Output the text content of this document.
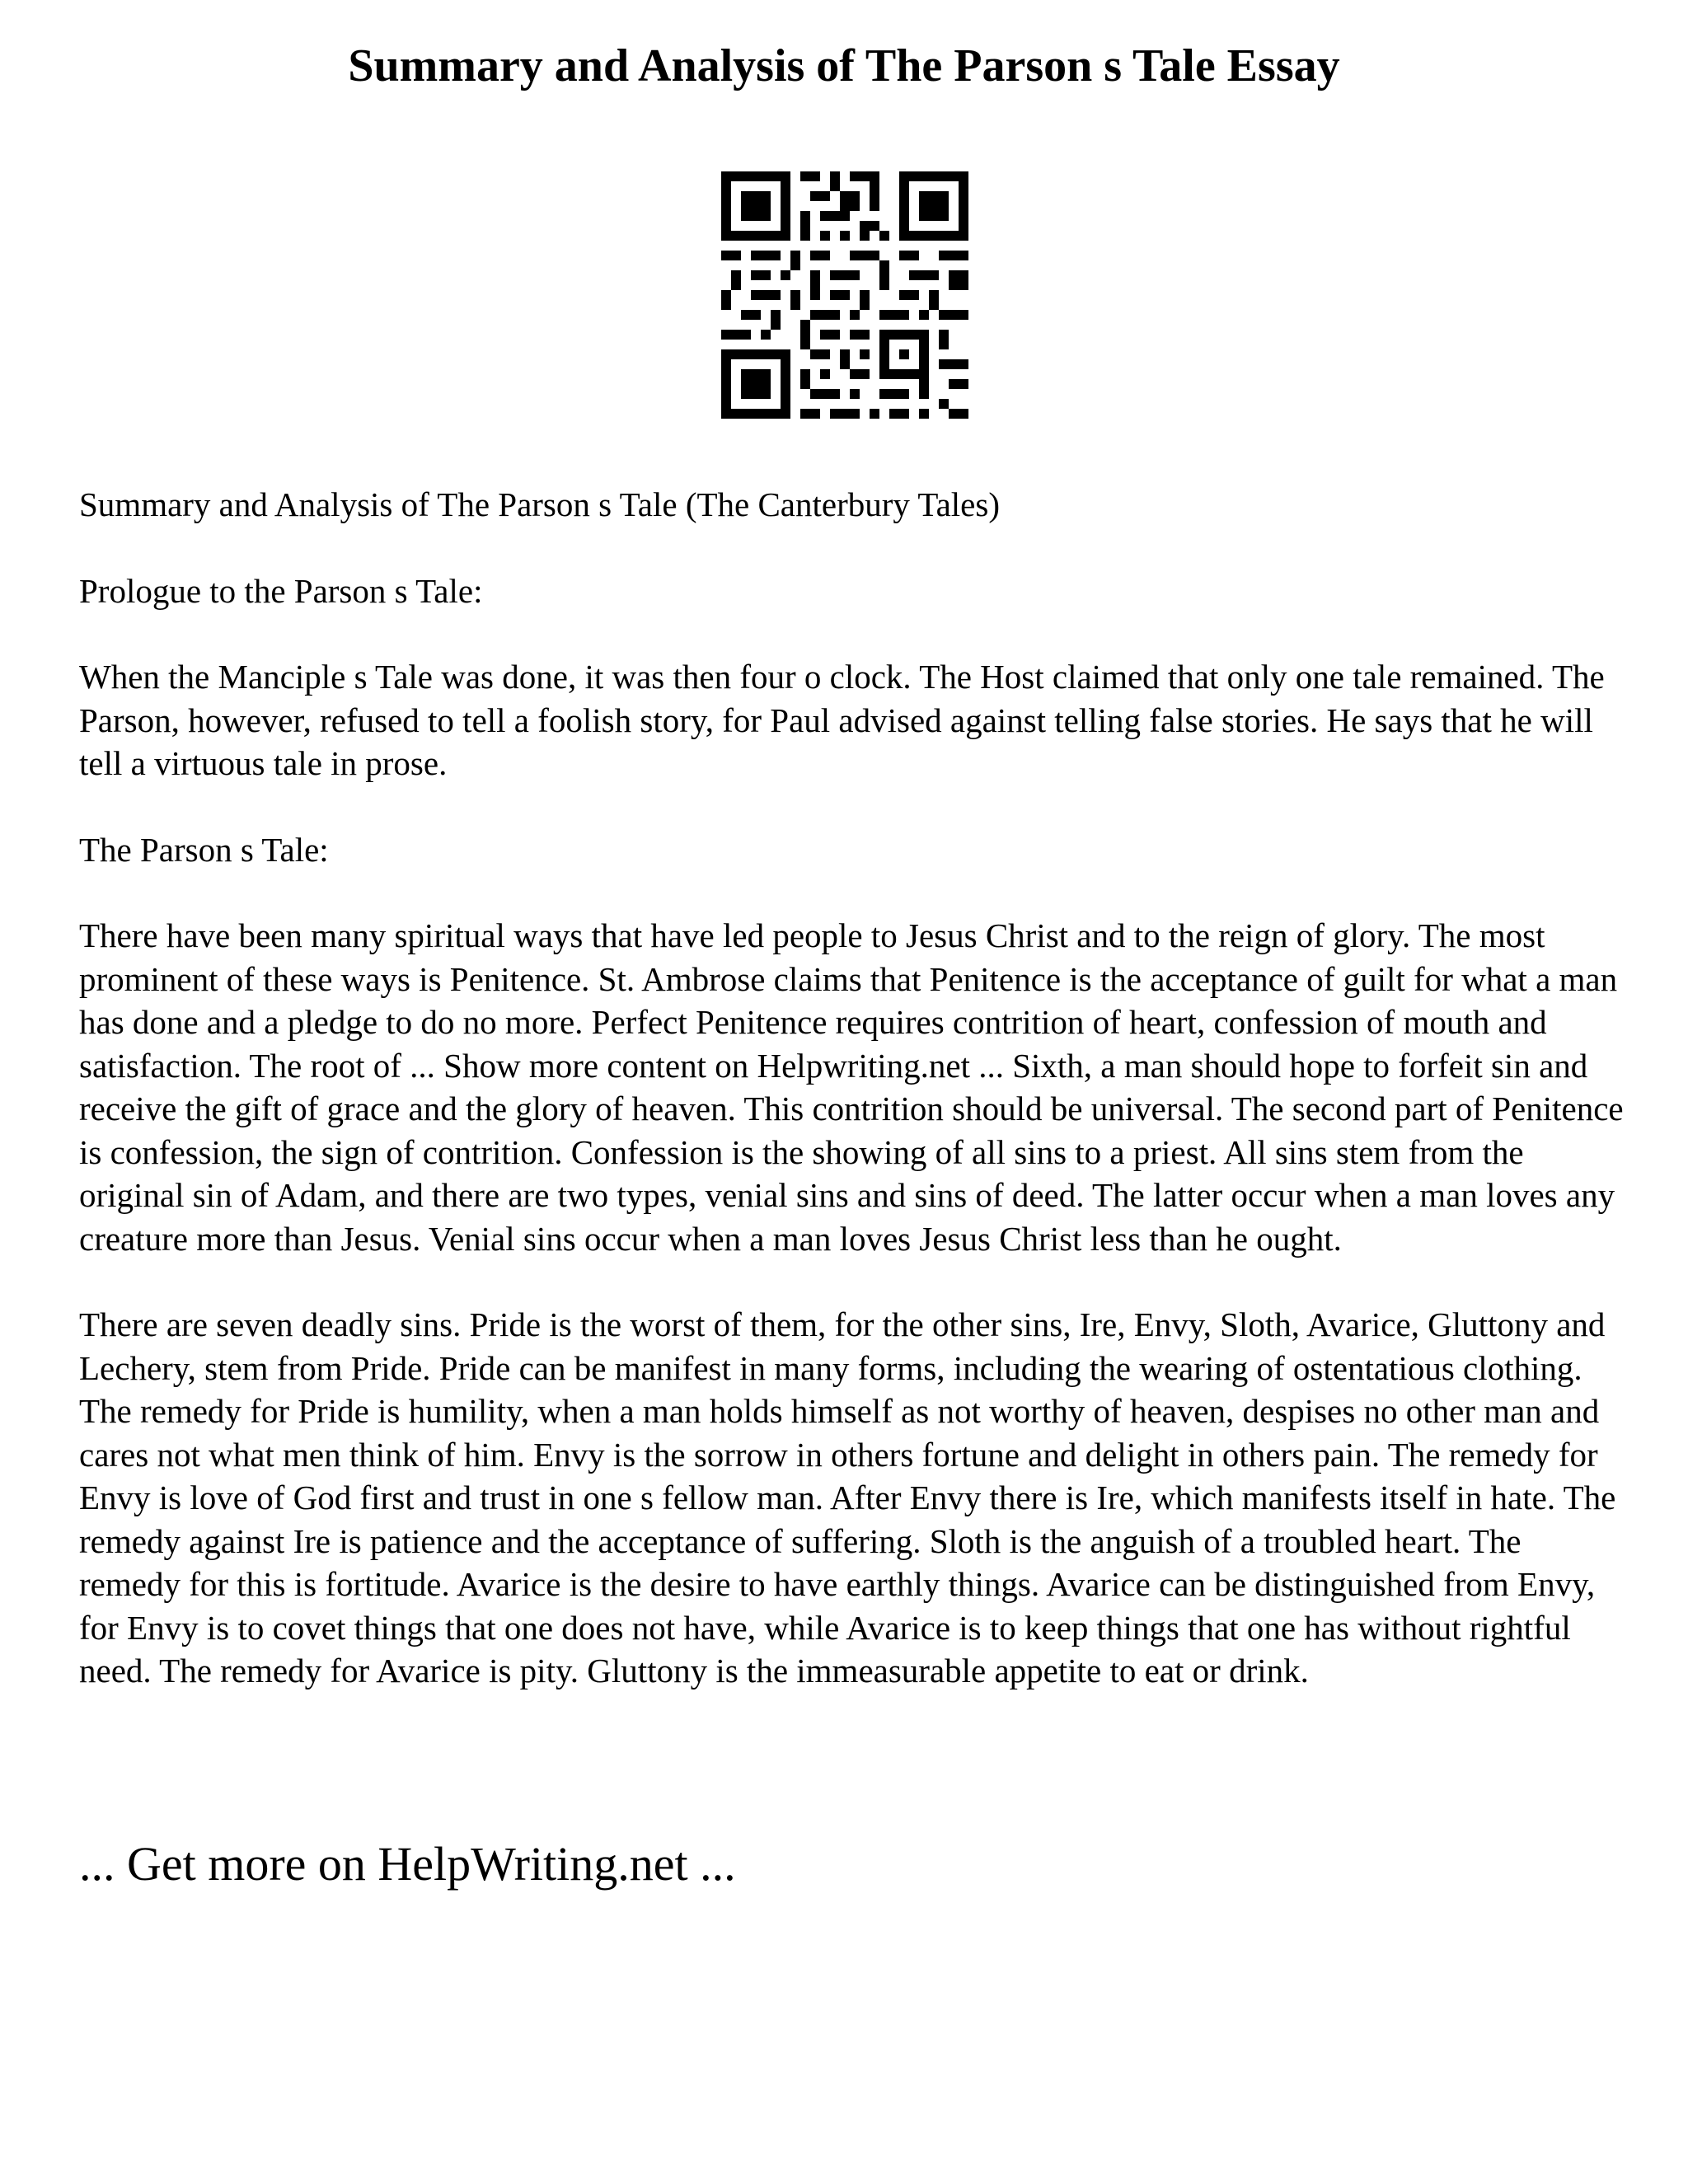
Summary and Analysis of The Parson s Tale Essay

Summary and Analysis of The Parson s Tale (The Canterbury Tales)

Prologue to the Parson s Tale:

When the Manciple s Tale was done, it was then four o clock. The Host claimed that only one tale remained. The Parson, however, refused to tell a foolish story, for Paul advised against telling false stories. He says that he will tell a virtuous tale in prose.

The Parson s Tale:

There have been many spiritual ways that have led people to Jesus Christ and to the reign of glory. The most prominent of these ways is Penitence. St. Ambrose claims that Penitence is the acceptance of guilt for what a man has done and a pledge to do no more. Perfect Penitence requires contrition of heart, confession of mouth and satisfaction. The root of ... Show more content on Helpwriting.net ... Sixth, a man should hope to forfeit sin and receive the gift of grace and the glory of heaven. This contrition should be universal. The second part of Penitence is confession, the sign of contrition. Confession is the showing of all sins to a priest. All sins stem from the original sin of Adam, and there are two types, venial sins and sins of deed. The latter occur when a man loves any creature more than Jesus. Venial sins occur when a man loves Jesus Christ less than he ought.

There are seven deadly sins. Pride is the worst of them, for the other sins, Ire, Envy, Sloth, Avarice, Gluttony and Lechery, stem from Pride. Pride can be manifest in many forms, including the wearing of ostentatious clothing. The remedy for Pride is humility, when a man holds himself as not worthy of heaven, despises no other man and cares not what men think of him. Envy is the sorrow in others fortune and delight in others pain. The remedy for Envy is love of God first and trust in one s fellow man. After Envy there is Ire, which manifests itself in hate. The remedy against Ire is patience and the acceptance of suffering. Sloth is the anguish of a troubled heart. The remedy for this is fortitude. Avarice is the desire to have earthly things. Avarice can be distinguished from Envy, for Envy is to covet things that one does not have, while Avarice is to keep things that one has without rightful need. The remedy for Avarice is pity. Gluttony is the immeasurable appetite to eat or drink.

... Get more on HelpWriting.net ...
